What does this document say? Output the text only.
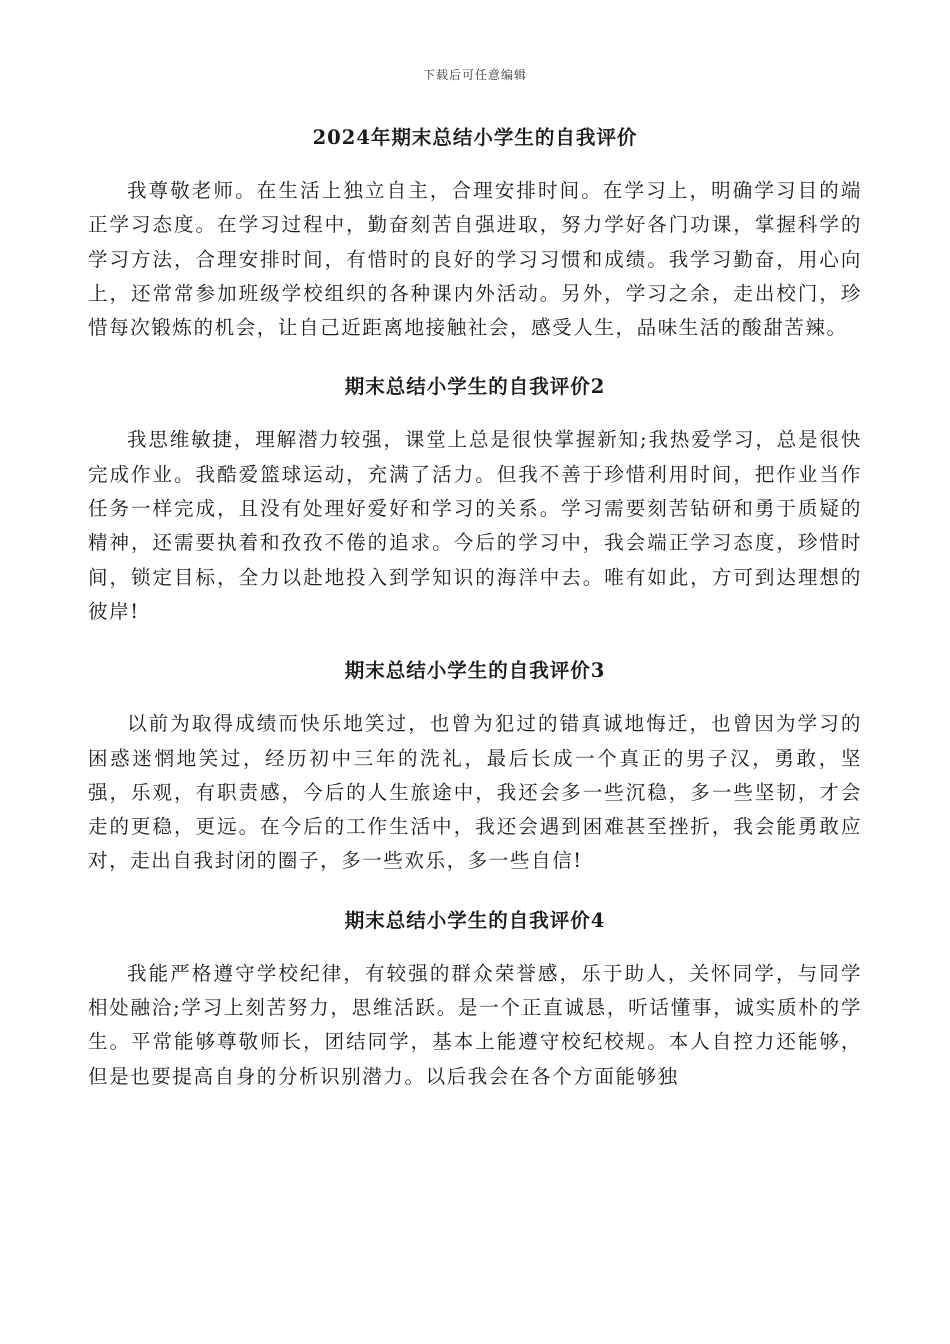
下载后可任意编辑
2024年期末总结小学生的自我评价

我尊敬老师。在生活上独立自主，合理安排时间。在学习上，明确学习目的端正学习态度。在学习过程中，勤奋刻苦自强进取，努力学好各门功课，掌握科学的学习方法，合理安排时间，有惜时的良好的学习习惯和成绩。我学习勤奋，用心向上，还常常参加班级学校组织的各种课内外活动。另外，学习之余，走出校门，珍惜每次锻炼的机会，让自己近距离地接触社会，感受人生，品味生活的酸甜苦辣。

期末总结小学生的自我评价2

我思维敏捷，理解潜力较强，课堂上总是很快掌握新知;我热爱学习，总是很快完成作业。我酷爱篮球运动，充满了活力。但我不善于珍惜利用时间，把作业当作任务一样完成，且没有处理好爱好和学习的关系。学习需要刻苦钻研和勇于质疑的精神，还需要执着和孜孜不倦的追求。今后的学习中，我会端正学习态度，珍惜时间，锁定目标，全力以赴地投入到学知识的海洋中去。唯有如此，方可到达理想的彼岸!

期末总结小学生的自我评价3

以前为取得成绩而快乐地笑过，也曾为犯过的错真诚地悔迁，也曾因为学习的困惑迷惘地笑过，经历初中三年的洗礼，最后长成一个真正的男子汉，勇敢，坚强，乐观，有职责感，今后的人生旅途中，我还会多一些沉稳，多一些坚韧，才会走的更稳，更远。在今后的工作生活中，我还会遇到困难甚至挫折，我会能勇敢应对，走出自我封闭的圈子，多一些欢乐，多一些自信!

期末总结小学生的自我评价4

我能严格遵守学校纪律，有较强的群众荣誉感，乐于助人，关怀同学，与同学相处融洽;学习上刻苦努力，思维活跃。是一个正直诚恳，听话懂事，诚实质朴的学生。平常能够尊敬师长，团结同学，基本上能遵守校纪校规。本人自控力还能够，但是也要提高自身的分析识别潜力。以后我会在各个方面能够独
